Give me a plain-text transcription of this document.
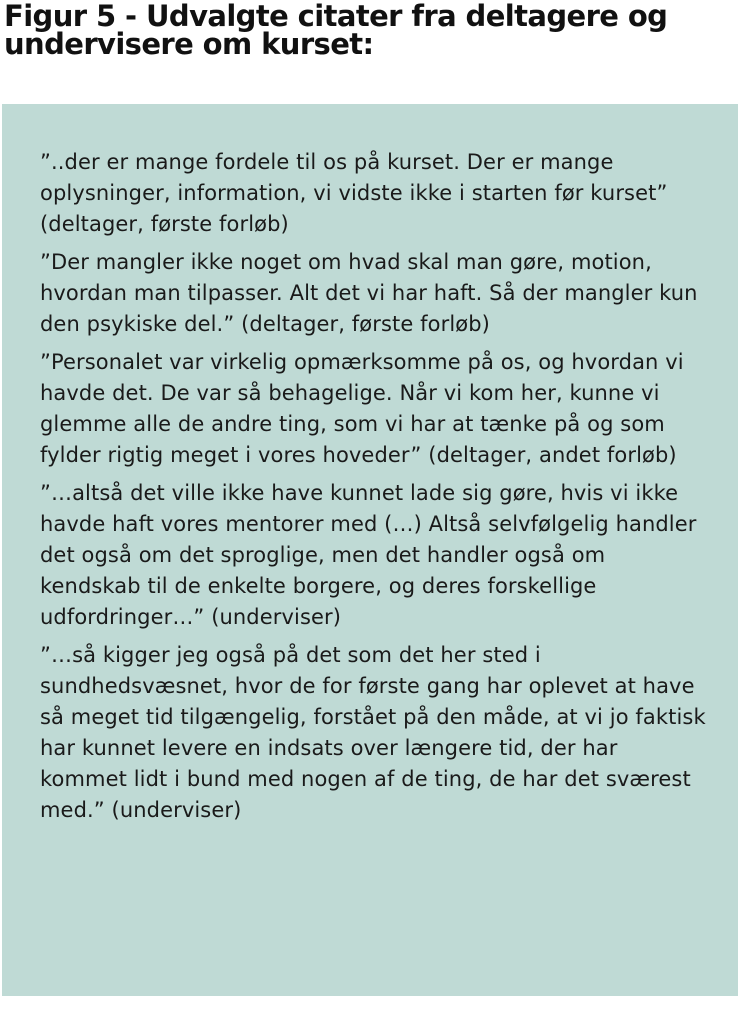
Figur 5 - Udvalgte citater fra deltagere og undervisere om kurset:

”..der er mange fordele til os på kurset. Der er mange oplysninger, information, vi vidste ikke i starten før kurset” (deltager, første forløb)

”Der mangler ikke noget om hvad skal man gøre, motion, hvordan man tilpasser. Alt det vi har haft. Så der mangler kun den psykiske del.” (deltager, første forløb)

”Personalet var virkelig opmærksomme på os, og hvordan vi havde det. De var så behagelige. Når vi kom her, kunne vi glemme alle de andre ting, som vi har at tænke på og som fylder rigtig meget i vores hoveder” (deltager, andet forløb)

”…altså det ville ikke have kunnet lade sig gøre, hvis vi ikke havde haft vores mentorer med (…) Altså selvfølgelig handler det også om det sproglige, men det handler også om kendskab til de enkelte borgere, og deres forskellige udfordringer…” (underviser)

”…så kigger jeg også på det som det her sted i sundhedsvæsnet, hvor de for første gang har oplevet at have så meget tid tilgængelig, forstået på den måde, at vi jo faktisk har kunnet levere en indsats over længere tid, der har kommet lidt i bund med nogen af de ting, de har det sværest med.” (underviser)
